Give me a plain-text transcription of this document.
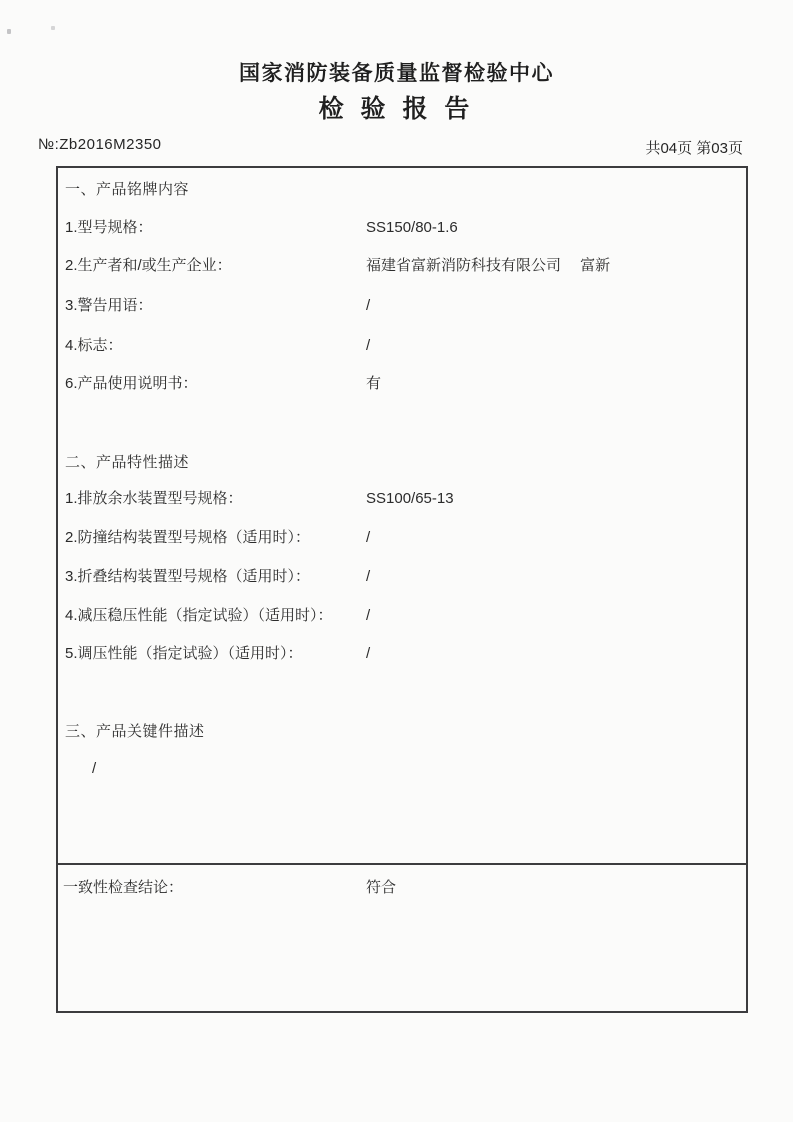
国家消防装备质量监督检验中心
检 验 报 告
№:Zb2016M2350	共04页 第03页
一、产品铭牌内容
1.型号规格：	SS150/80-1.6
2.生产者和/或生产企业：	福建省富新消防科技有限公司　 富新
3.警告用语：	/
4.标志：	/
6.产品使用说明书：	有
二、产品特性描述
1.排放余水装置型号规格：	SS100/65-13
2.防撞结构装置型号规格（适用时）：	/
3.折叠结构装置型号规格（适用时）：	/
4.减压稳压性能（指定试验）（适用时）： /
5.调压性能（指定试验）（适用时）：	/
三、产品关键件描述
/
一致性检查结论：	符合
